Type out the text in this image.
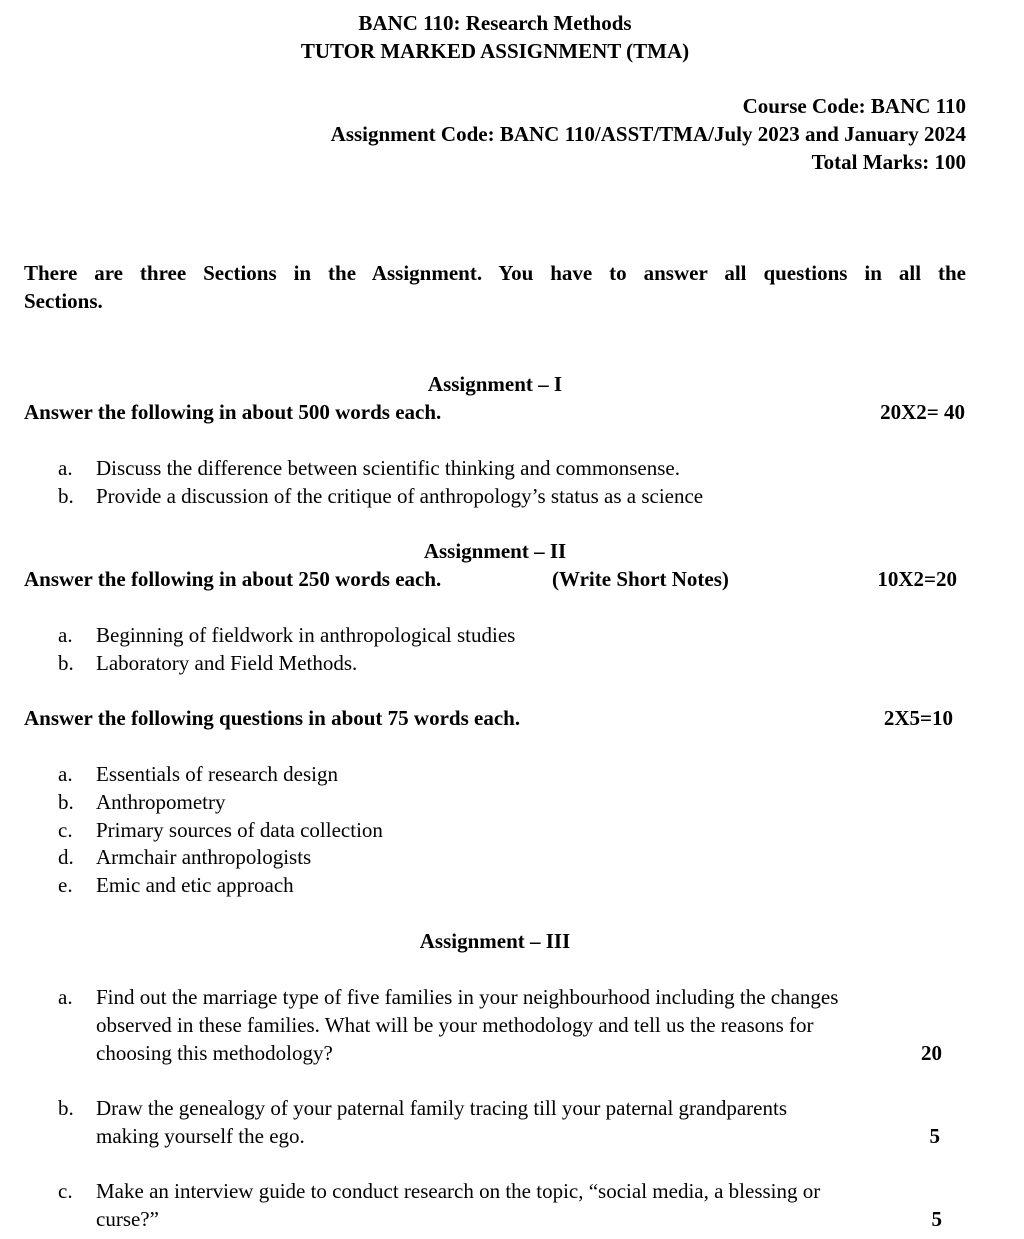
BANC 110: Research Methods
TUTOR MARKED ASSIGNMENT (TMA)
Course Code: BANC 110
Assignment Code: BANC 110/ASST/TMA/July 2023 and January 2024
Total Marks: 100
There are three Sections in the Assignment. You have to answer all questions in all the
Sections.
Assignment – I
Answer the following in about 500 words each.	20X2= 40
a.	Discuss the difference between scientific thinking and commonsense.
b.	Provide a discussion of the critique of anthropology’s status as a science
Assignment – II
Answer the following in about 250 words each.	(Write Short Notes)	10X2=20
a.	Beginning of fieldwork in anthropological studies
b.	Laboratory and Field Methods.
Answer the following questions in about 75 words each.	2X5=10
a.	Essentials of research design
b.	Anthropometry
c.	Primary sources of data collection
d.	Armchair anthropologists
e.	Emic and etic approach
Assignment – III
a. Find out the marriage type of five families in your neighbourhood including the changes
observed in these families. What will be your methodology and tell us the reasons for
choosing this methodology?	20
b. Draw the genealogy of your paternal family tracing till your paternal grandparents
making yourself the ego.	5
c. Make an interview guide to conduct research on the topic, “social media, a blessing or
curse?”	5
